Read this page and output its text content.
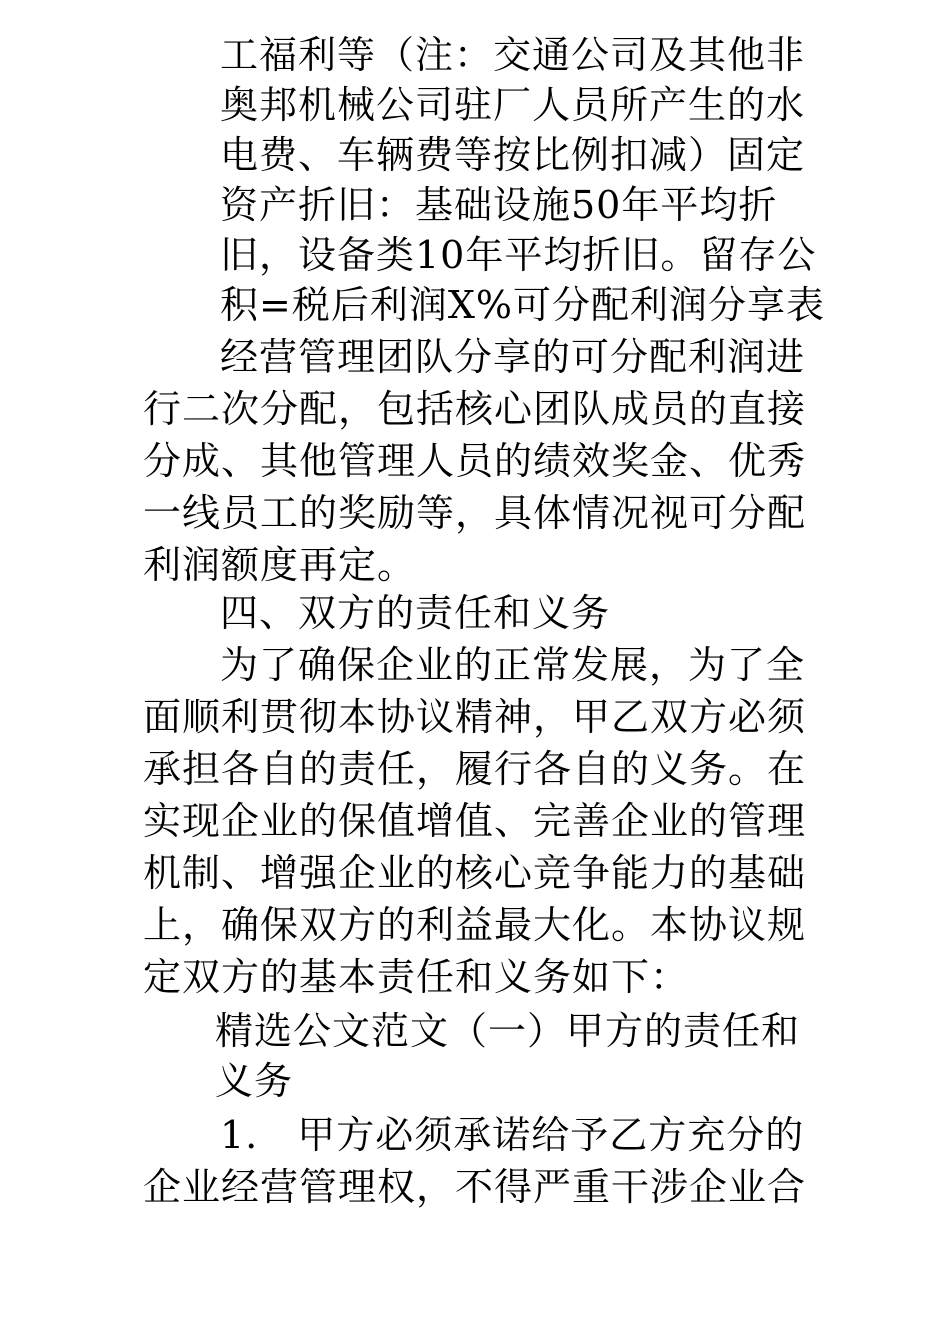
工福利等（注：交通公司及其他非
奥邦机械公司驻厂人员所产生的水
电费、车辆费等按比例扣减）固定
资产折旧：基础设施50年平均折
旧，设备类10年平均折旧。留存公
积=税后利润X%可分配利润分享表
经营管理团队分享的可分配利润进
行二次分配，包括核心团队成员的直接
分成、其他管理人员的绩效奖金、优秀
一线员工的奖励等，具体情况视可分配
利润额度再定。
四、双方的责任和义务
为了确保企业的正常发展，为了全
面顺利贯彻本协议精神，甲乙双方必须
承担各自的责任，履行各自的义务。在
实现企业的保值增值、完善企业的管理
机制、增强企业的核心竞争能力的基础
上，确保双方的利益最大化。本协议规
定双方的基本责任和义务如下：
精选公文范文（一）甲方的责任和
义务
1.　甲方必须承诺给予乙方充分的
企业经营管理权，不得严重干涉企业合
